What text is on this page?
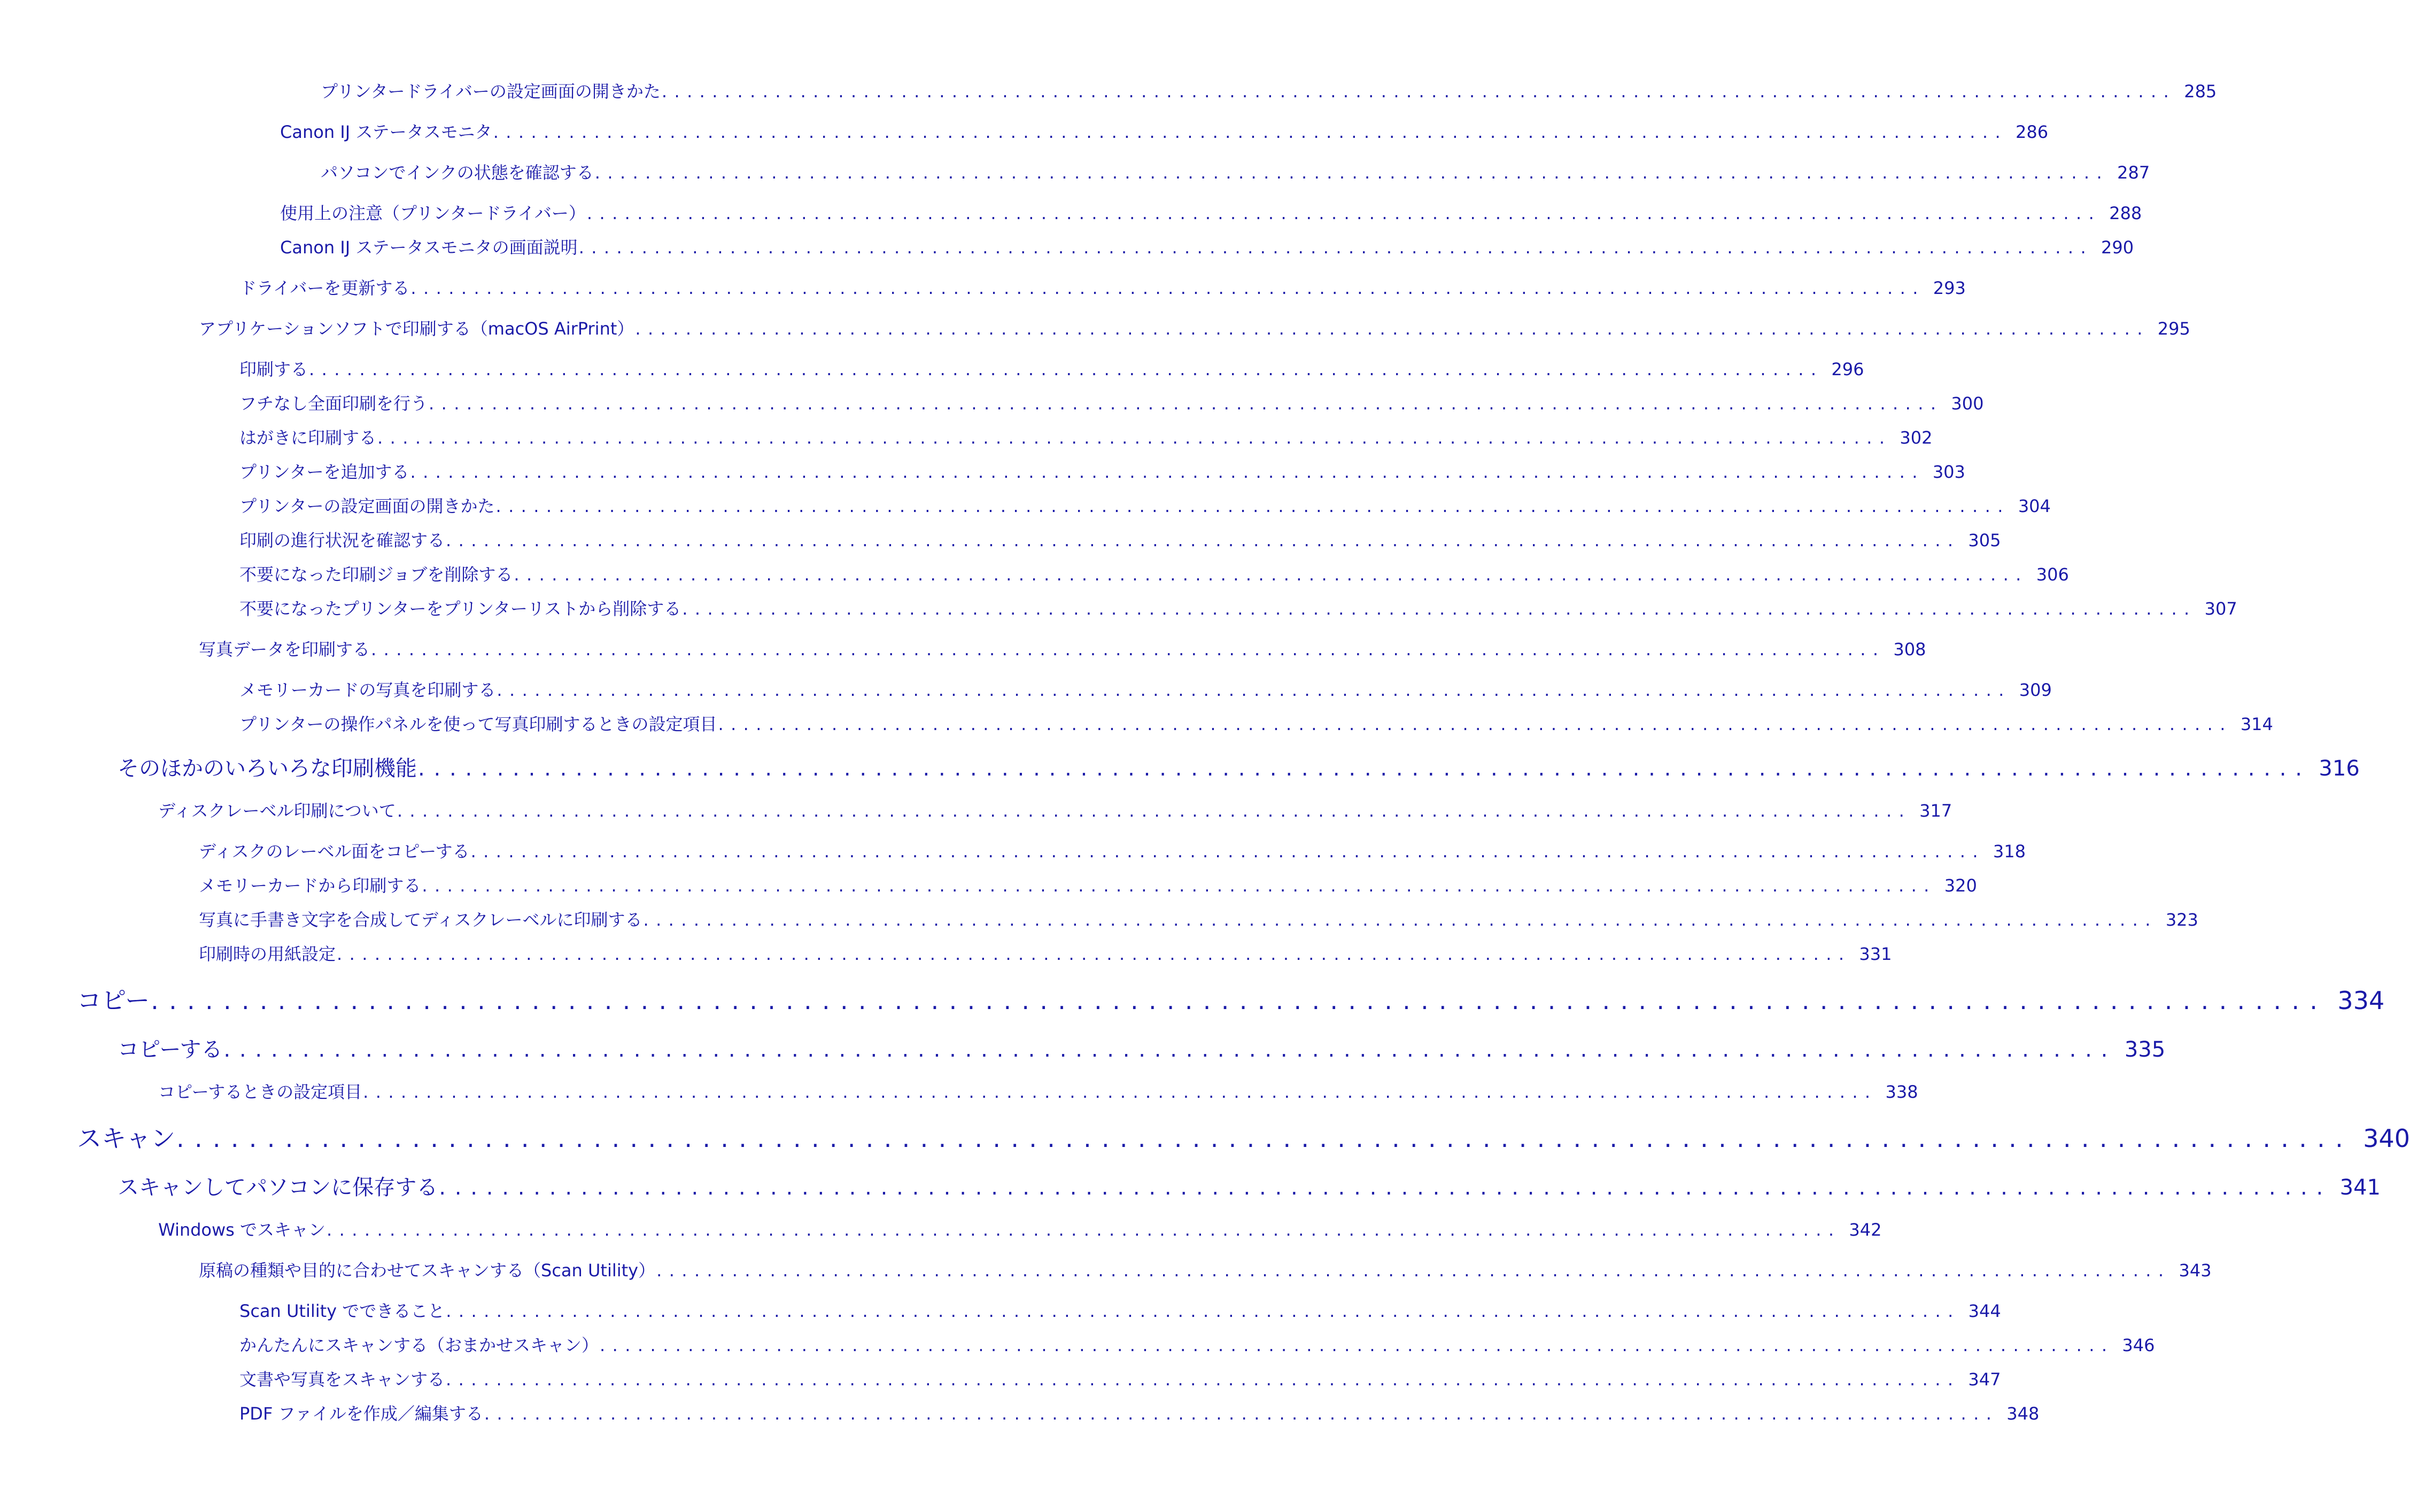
プリンタードライバーの設定画面の開きかた ........................................................................................................................ 285
Canon IJ ステータスモニタ ........................................................................................................................ 286
パソコンでインクの状態を確認する ........................................................................................................................ 287
使用上の注意（プリンタードライバー） ........................................................................................................................ 288
Canon IJ ステータスモニタの画面説明 ........................................................................................................................ 290
ドライバーを更新する ........................................................................................................................ 293
アプリケーションソフトで印刷する（macOS AirPrint） ........................................................................................................................ 295
印刷する ........................................................................................................................ 296
フチなし全面印刷を行う ........................................................................................................................ 300
はがきに印刷する ........................................................................................................................ 302
プリンターを追加する ........................................................................................................................ 303
プリンターの設定画面の開きかた ........................................................................................................................ 304
印刷の進行状況を確認する ........................................................................................................................ 305
不要になった印刷ジョブを削除する ........................................................................................................................ 306
不要になったプリンターをプリンターリストから削除する ........................................................................................................................ 307
写真データを印刷する ........................................................................................................................ 308
メモリーカードの写真を印刷する ........................................................................................................................ 309
プリンターの操作パネルを使って写真印刷するときの設定項目 ........................................................................................................................ 314
そのほかのいろいろな印刷機能 ........................................................................................................................ 316
ディスクレーベル印刷について ........................................................................................................................ 317
ディスクのレーベル面をコピーする ........................................................................................................................ 318
メモリーカードから印刷する ........................................................................................................................ 320
写真に手書き文字を合成してディスクレーベルに印刷する ........................................................................................................................ 323
印刷時の用紙設定 ........................................................................................................................ 331
コピー ........................................................................................................................ 334
コピーする ........................................................................................................................ 335
コピーするときの設定項目 ........................................................................................................................ 338
スキャン ........................................................................................................................ 340
スキャンしてパソコンに保存する ........................................................................................................................ 341
Windows でスキャン ........................................................................................................................ 342
原稿の種類や目的に合わせてスキャンする（Scan Utility） ........................................................................................................................ 343
Scan Utility でできること ........................................................................................................................ 344
かんたんにスキャンする（おまかせスキャン） ........................................................................................................................ 346
文書や写真をスキャンする ........................................................................................................................ 347
PDF ファイルを作成／編集する ........................................................................................................................ 348
